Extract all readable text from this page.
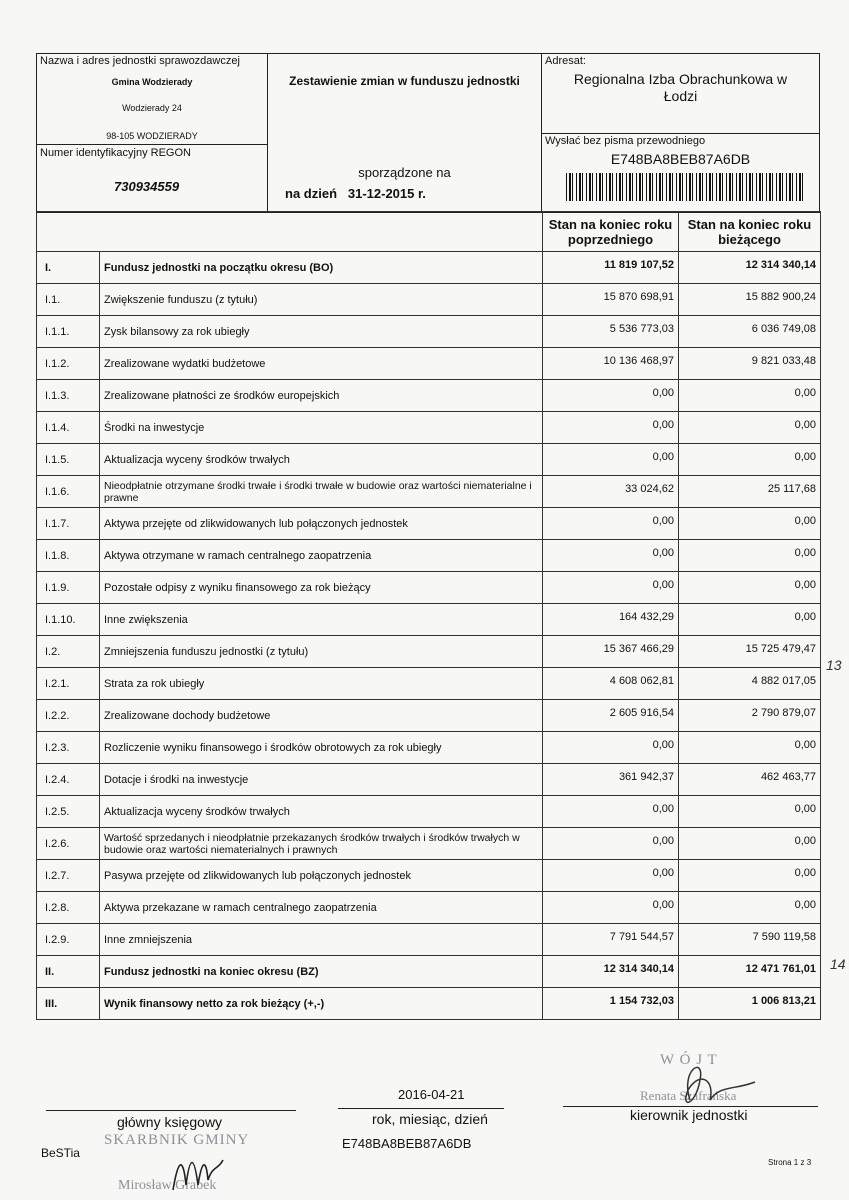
Nazwa i adres jednostki sprawozdawczej
Gmina Wodzierady
Wodzierady 24
98-105 WODZIERADY
Numer identyfikacyjny REGON
730934559
Zestawienie zmian w funduszu jednostki
sporządzone na
na dzień 31-12-2015 r.
Adresat:
Regionalna Izba Obrachunkowa w
Łodzi
Wysłać bez pisma przewodniego
E748BA8BEB87A6DB
		Stan na koniec roku poprzedniego	Stan na koniec roku bieżącego
I.	Fundusz jednostki na początku okresu (BO)	11 819 107,52	12 314 340,14
I.1.	Zwiększenie funduszu (z tytułu)	15 870 698,91	15 882 900,24
I.1.1.	Zysk bilansowy za rok ubiegły	5 536 773,03	6 036 749,08
I.1.2.	Zrealizowane wydatki budżetowe	10 136 468,97	9 821 033,48
I.1.3.	Zrealizowane płatności ze środków europejskich	0,00	0,00
I.1.4.	Środki na inwestycje	0,00	0,00
I.1.5.	Aktualizacja wyceny środków trwałych	0,00	0,00
I.1.6.	Nieodpłatnie otrzymane środki trwałe i środki trwałe w budowie oraz wartości niematerialne i prawne	33 024,62	25 117,68
I.1.7.	Aktywa przejęte od zlikwidowanych lub połączonych jednostek	0,00	0,00
I.1.8.	Aktywa otrzymane w ramach centralnego zaopatrzenia	0,00	0,00
I.1.9.	Pozostałe odpisy z wyniku finansowego za rok bieżący	0,00	0,00
I.1.10.	Inne zwiększenia	164 432,29	0,00
I.2.	Zmniejszenia funduszu jednostki (z tytułu)	15 367 466,29	15 725 479,47
I.2.1.	Strata za rok ubiegły	4 608 062,81	4 882 017,05
I.2.2.	Zrealizowane dochody budżetowe	2 605 916,54	2 790 879,07
I.2.3.	Rozliczenie wyniku finansowego i środków obrotowych za rok ubiegły	0,00	0,00
I.2.4.	Dotacje i środki na inwestycje	361 942,37	462 463,77
I.2.5.	Aktualizacja wyceny środków trwałych	0,00	0,00
I.2.6.	Wartość sprzedanych i nieodpłatnie przekazanych środków trwałych i środków trwałych w budowie oraz wartości niematerialnych i prawnych	0,00	0,00
I.2.7.	Pasywa przejęte od zlikwidowanych lub połączonych jednostek	0,00	0,00
I.2.8.	Aktywa przekazane w ramach centralnego zaopatrzenia	0,00	0,00
I.2.9.	Inne zmniejszenia	7 791 544,57	7 590 119,58
II.	Fundusz jednostki na koniec okresu (BZ)	12 314 340,14	12 471 761,01
III.	Wynik finansowy netto za rok bieżący (+,-)	1 154 732,03	1 006 813,21
13
14
W Ó J T
2016-04-21	Renata Szafrańska
główny księgowy	rok, miesiąc, dzień	kierownik jednostki
SKARBNIK GMINY	E748BA8BEB87A6DB
BeSTia
Strona 1 z 3
Mirosław Grabek
